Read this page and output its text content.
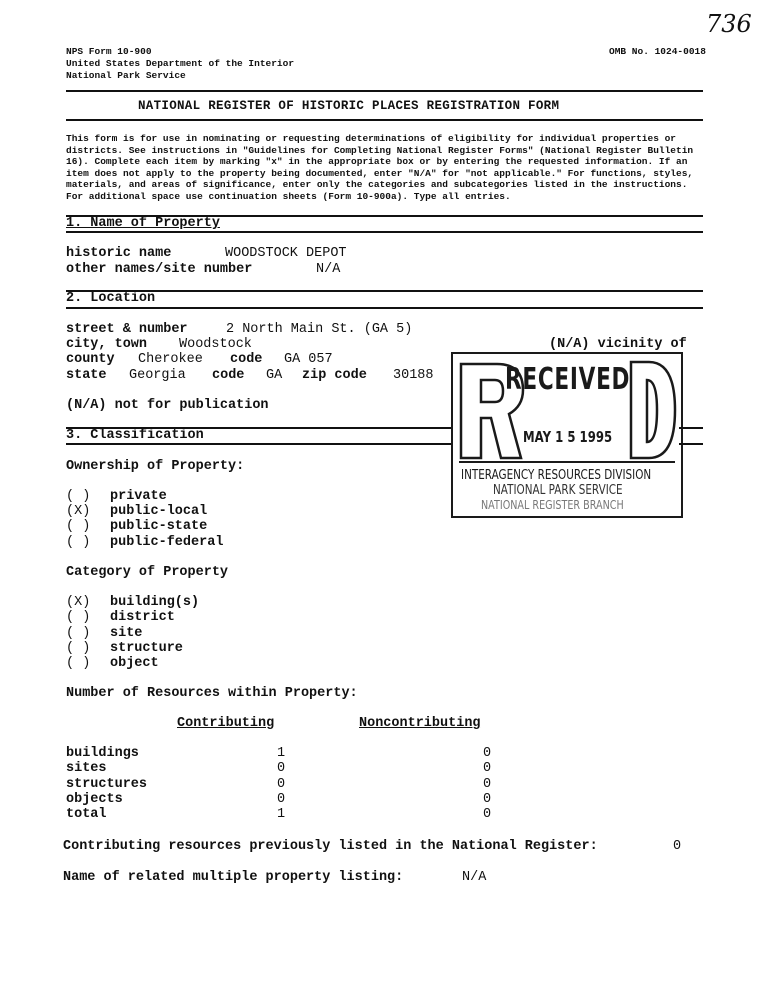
NPS Form 10-900	OMB No. 1024-0018
United States Department of the Interior
National Park Service
736
NATIONAL REGISTER OF HISTORIC PLACES REGISTRATION FORM
This form is for use in nominating or requesting determinations of eligibility for individual properties or districts. See instructions in "Guidelines for Completing National Register Forms" (National Register Bulletin 16). Complete each item by marking "x" in the appropriate box or by entering the requested information. If an item does not apply to the property being documented, enter "N/A" for "not applicable." For functions, styles, materials, and areas of significance, enter only the categories and subcategories listed in the instructions. For additional space use continuation sheets (Form 10-900a). Type all entries.
1. Name of Property
historic name	WOODSTOCK DEPOT
other names/site number	N/A
2. Location
street & number	2 North Main St. (GA 5)
city, town Woodstock	(N/A) vicinity of
county Cherokee code GA 057
state Georgia code GA zip code 30188
(N/A) not for publication
RECEIVED
MAY 1 5 1995
INTERAGENCY RESOURCES DIVISION
NATIONAL PARK SERVICE
NATIONAL REGISTER BRANCH
3. Classification
Ownership of Property:
( ) private
(X) public-local
( ) public-state
( ) public-federal
Category of Property
(X) building(s)
( ) district
( ) site
( ) structure
( ) object
Number of Resources within Property:
Contributing	Noncontributing
buildings	1	0
sites	0	0
structures	0	0
objects	0	0
total	1	0
Contributing resources previously listed in the National Register:	0
Name of related multiple property listing:	N/A
